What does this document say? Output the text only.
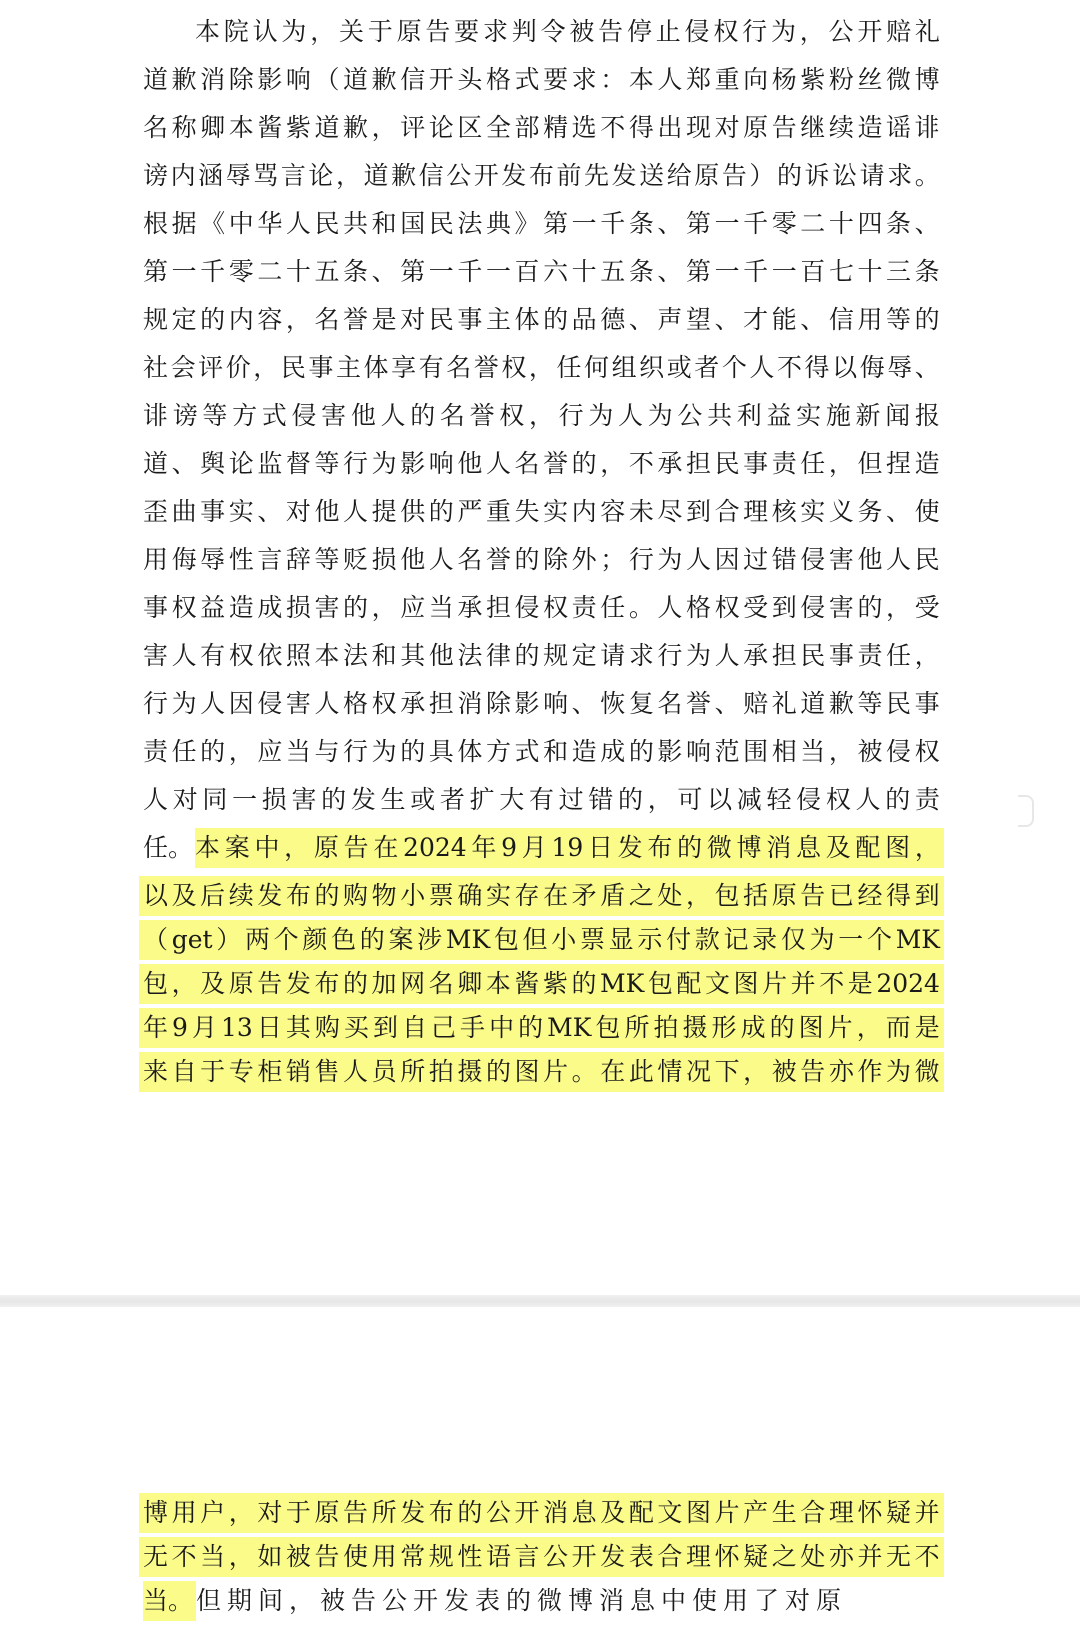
本 院 认 为 ， 关 于 原 告 要 求 判 令 被 告 停 止 侵 权 行 为 ， 公 开 赔 礼
道 歉 消 除 影 响 （ 道 歉 信 开 头 格 式 要 求 ： 本 人 郑 重 向 杨 紫 粉 丝 微 博
名 称 卿 本 酱 紫 道 歉 ， 评 论 区 全 部 精 选 不 得 出 现 对 原 告 继 续 造 谣 诽
谤 内 涵 辱 骂 言 论 ， 道 歉 信 公 开 发 布 前 先 发 送 给 原 告 ） 的 诉 讼 请 求 。
根 据 《 中 华 人 民 共 和 国 民 法 典 》 第 一 千 条 、 第 一 千 零 二 十 四 条 、
第 一 千 零 二 十 五 条 、 第 一 千 一 百 六 十 五 条 、 第 一 千 一 百 七 十 三 条
规 定 的 内 容 ， 名 誉 是 对 民 事 主 体 的 品 德 、 声 望 、 才 能 、 信 用 等 的
社 会 评 价 ， 民 事 主 体 享 有 名 誉 权 ， 任 何 组 织 或 者 个 人 不 得 以 侮 辱 、
诽 谤 等 方 式 侵 害 他 人 的 名 誉 权 ， 行 为 人 为 公 共 利 益 实 施 新 闻 报
道 、 舆 论 监 督 等 行 为 影 响 他 人 名 誉 的 ， 不 承 担 民 事 责 任 ， 但 捏 造
歪 曲 事 实 、 对 他 人 提 供 的 严 重 失 实 内 容 未 尽 到 合 理 核 实 义 务 、 使
用 侮 辱 性 言 辞 等 贬 损 他 人 名 誉 的 除 外 ； 行 为 人 因 过 错 侵 害 他 人 民
事 权 益 造 成 损 害 的 ， 应 当 承 担 侵 权 责 任 。 人 格 权 受 到 侵 害 的 ， 受
害 人 有 权 依 照 本 法 和 其 他 法 律 的 规 定 请 求 行 为 人 承 担 民 事 责 任 ，
行 为 人 因 侵 害 人 格 权 承 担 消 除 影 响 、 恢 复 名 誉 、 赔 礼 道 歉 等 民 事
责 任 的 ， 应 当 与 行 为 的 具 体 方 式 和 造 成 的 影 响 范 围 相 当 ， 被 侵 权
人 对 同 一 损 害 的 发 生 或 者 扩 大 有 过 错 的 ， 可 以 减 轻 侵 权 人 的 责
任。 本 案 中 ， 原 告 在 2024 年 9 月 19 日 发 布 的 微 博 消 息 及 配 图 ，
以 及 后 续 发 布 的 购 物 小 票 确 实 存 在 矛 盾 之 处 ， 包 括 原 告 已 经 得 到
（ get ） 两 个 颜 色 的 案 涉 MK 包 但 小 票 显 示 付 款 记 录 仅 为 一 个 MK
包 ， 及 原 告 发 布 的 加 网 名 卿 本 酱 紫 的 MK 包 配 文 图 片 并 不 是 2024
年 9 月 13 日 其 购 买 到 自 己 手 中 的 MK 包 所 拍 摄 形 成 的 图 片 ， 而 是
来 自 于 专 柜 销 售 人 员 所 拍 摄 的 图 片 。 在 此 情 况 下 ， 被 告 亦 作 为 微
博 用 户 ， 对 于 原 告 所 发 布 的 公 开 消 息 及 配 文 图 片 产 生 合 理 怀 疑 并
无 不 当 ， 如 被 告 使 用 常 规 性 语 言 公 开 发 表 合 理 怀 疑 之 处 亦 并 无 不
当。 但期间，被告公开发表的微博消息中使用了对原
